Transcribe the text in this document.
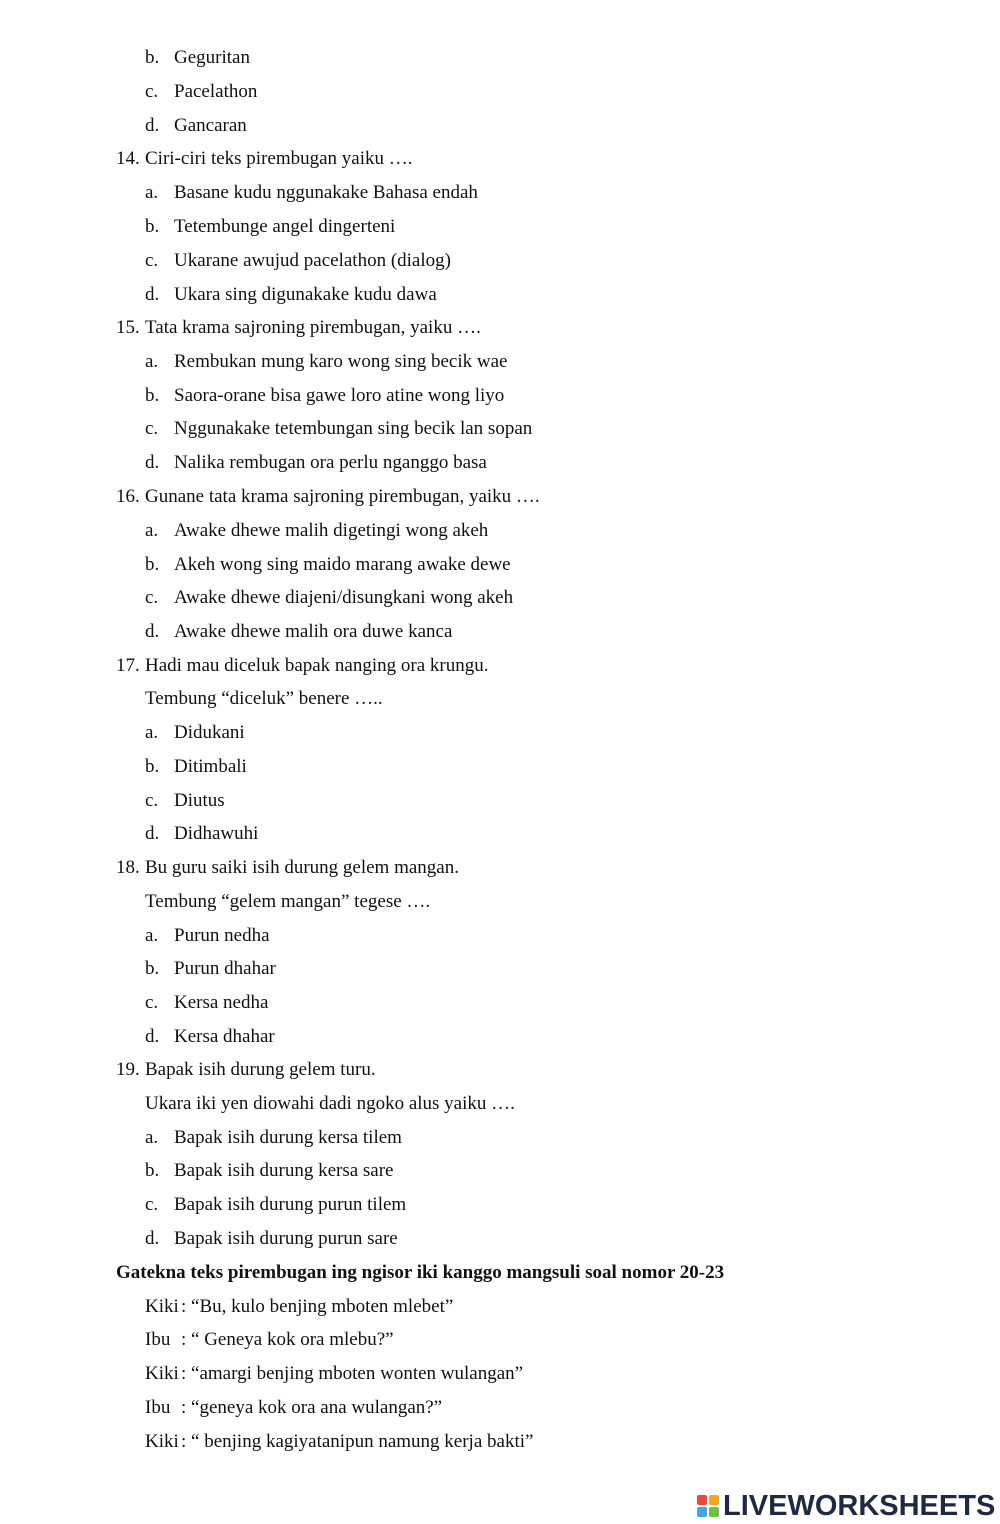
b. Geguritan
c. Pacelathon
d. Gancaran
14. Ciri-ciri teks pirembugan yaiku ….
a. Basane kudu nggunakake Bahasa endah
b. Tetembunge angel dingerteni
c. Ukarane awujud pacelathon (dialog)
d. Ukara sing digunakake kudu dawa
15. Tata krama sajroning pirembugan, yaiku ….
a. Rembukan mung karo wong sing becik wae
b. Saora-orane bisa gawe loro atine wong liyo
c. Nggunakake tetembungan sing becik lan sopan
d. Nalika rembugan ora perlu nganggo basa
16. Gunane tata krama sajroning pirembugan, yaiku ….
a. Awake dhewe malih digetingi wong akeh
b. Akeh wong sing maido marang awake dewe
c. Awake dhewe diajeni/disungkani wong akeh
d. Awake dhewe malih ora duwe kanca
17. Hadi mau diceluk bapak nanging ora krungu.
Tembung “diceluk” benere …..
a. Didukani
b. Ditimbali
c. Diutus
d. Didhawuhi
18. Bu guru saiki isih durung gelem mangan.
Tembung “gelem mangan” tegese ….
a. Purun nedha
b. Purun dhahar
c. Kersa nedha
d. Kersa dhahar
19. Bapak isih durung gelem turu.
Ukara iki yen diowahi dadi ngoko alus yaiku ….
a. Bapak isih durung kersa tilem
b. Bapak isih durung kersa sare
c. Bapak isih durung purun tilem
d. Bapak isih durung purun sare
Gatekna teks pirembugan ing ngisor iki kanggo mangsuli soal nomor 20-23
Kiki : “Bu, kulo benjing mboten mlebet”
Ibu : “ Geneya kok ora mlebu?”
Kiki : “amargi benjing mboten wonten wulangan”
Ibu : “geneya kok ora ana wulangan?”
Kiki : “ benjing kagiyatanipun namung kerja bakti”
LIVEWORKSHEETS
